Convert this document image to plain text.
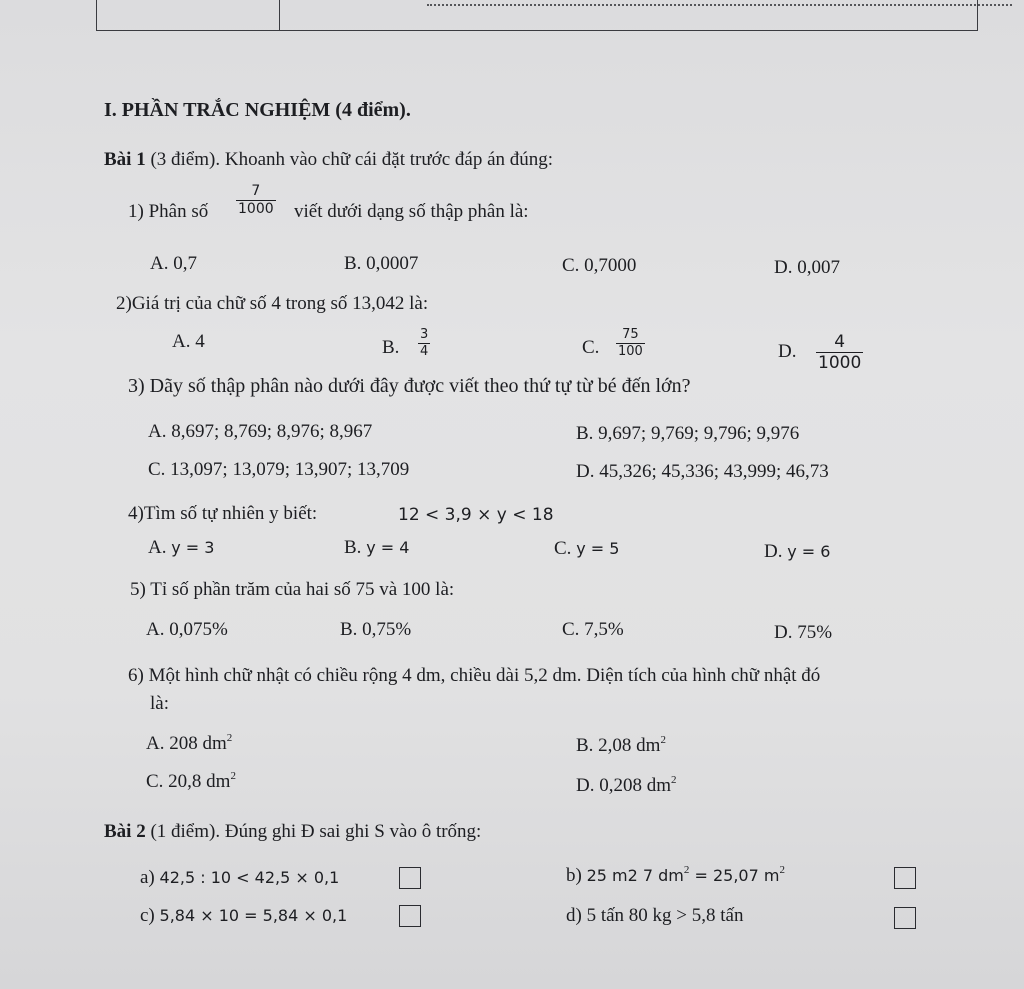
I. PHẦN TRẮC NGHIỆM (4 điểm).
Bài 1 (3 điểm). Khoanh vào chữ cái đặt trước đáp án đúng:
1) Phân số $\frac{7}{1000}$ viết dưới dạng số thập phân là:
A. 0,7	B. 0,0007	C. 0,7000	D. 0,007
2)Giá trị của chữ số 4 trong số 13,042 là:
A. 4	B. $\frac{3}{4}$	C. $\frac{75}{100}$	D. $\frac{4}{1000}$
3) Dãy số thập phân nào dưới đây được viết theo thứ tự từ bé đến lớn?
A. 8,697; 8,769; 8,976; 8,967	B. 9,697; 9,769; 9,796; 9,976
C. 13,097; 13,079; 13,907; 13,709	D. 45,326; 45,336; 43,999; 46,73
4)Tìm số tự nhiên y biết:	12 < 3,9 × y < 18
A. y = 3	B. y = 4	C. y = 5	D. y = 6
5) Tỉ số phần trăm của hai số 75 và 100 là:
A. 0,075%	B. 0,75%	C. 7,5%	D. 75%
6) Một hình chữ nhật có chiều rộng 4 dm, chiều dài 5,2 dm. Diện tích của hình chữ nhật đó
là:
A. 208 $dm^2$	B. 2,08 $dm^2$
C. 20,8 $dm^2$	D. 0,208 $dm^2$
Bài 2 (1 điểm). Đúng ghi Đ sai ghi S vào ô trống:
a) 42,5 : 10 < 42,5 × 0,1	b) 25 m2 7 $dm^2 = 25,07$ $m^2$
c) 5,84 × 10 = 5,84 × 0,1	d) 5 tấn 80 kg > 5,8 tấn
